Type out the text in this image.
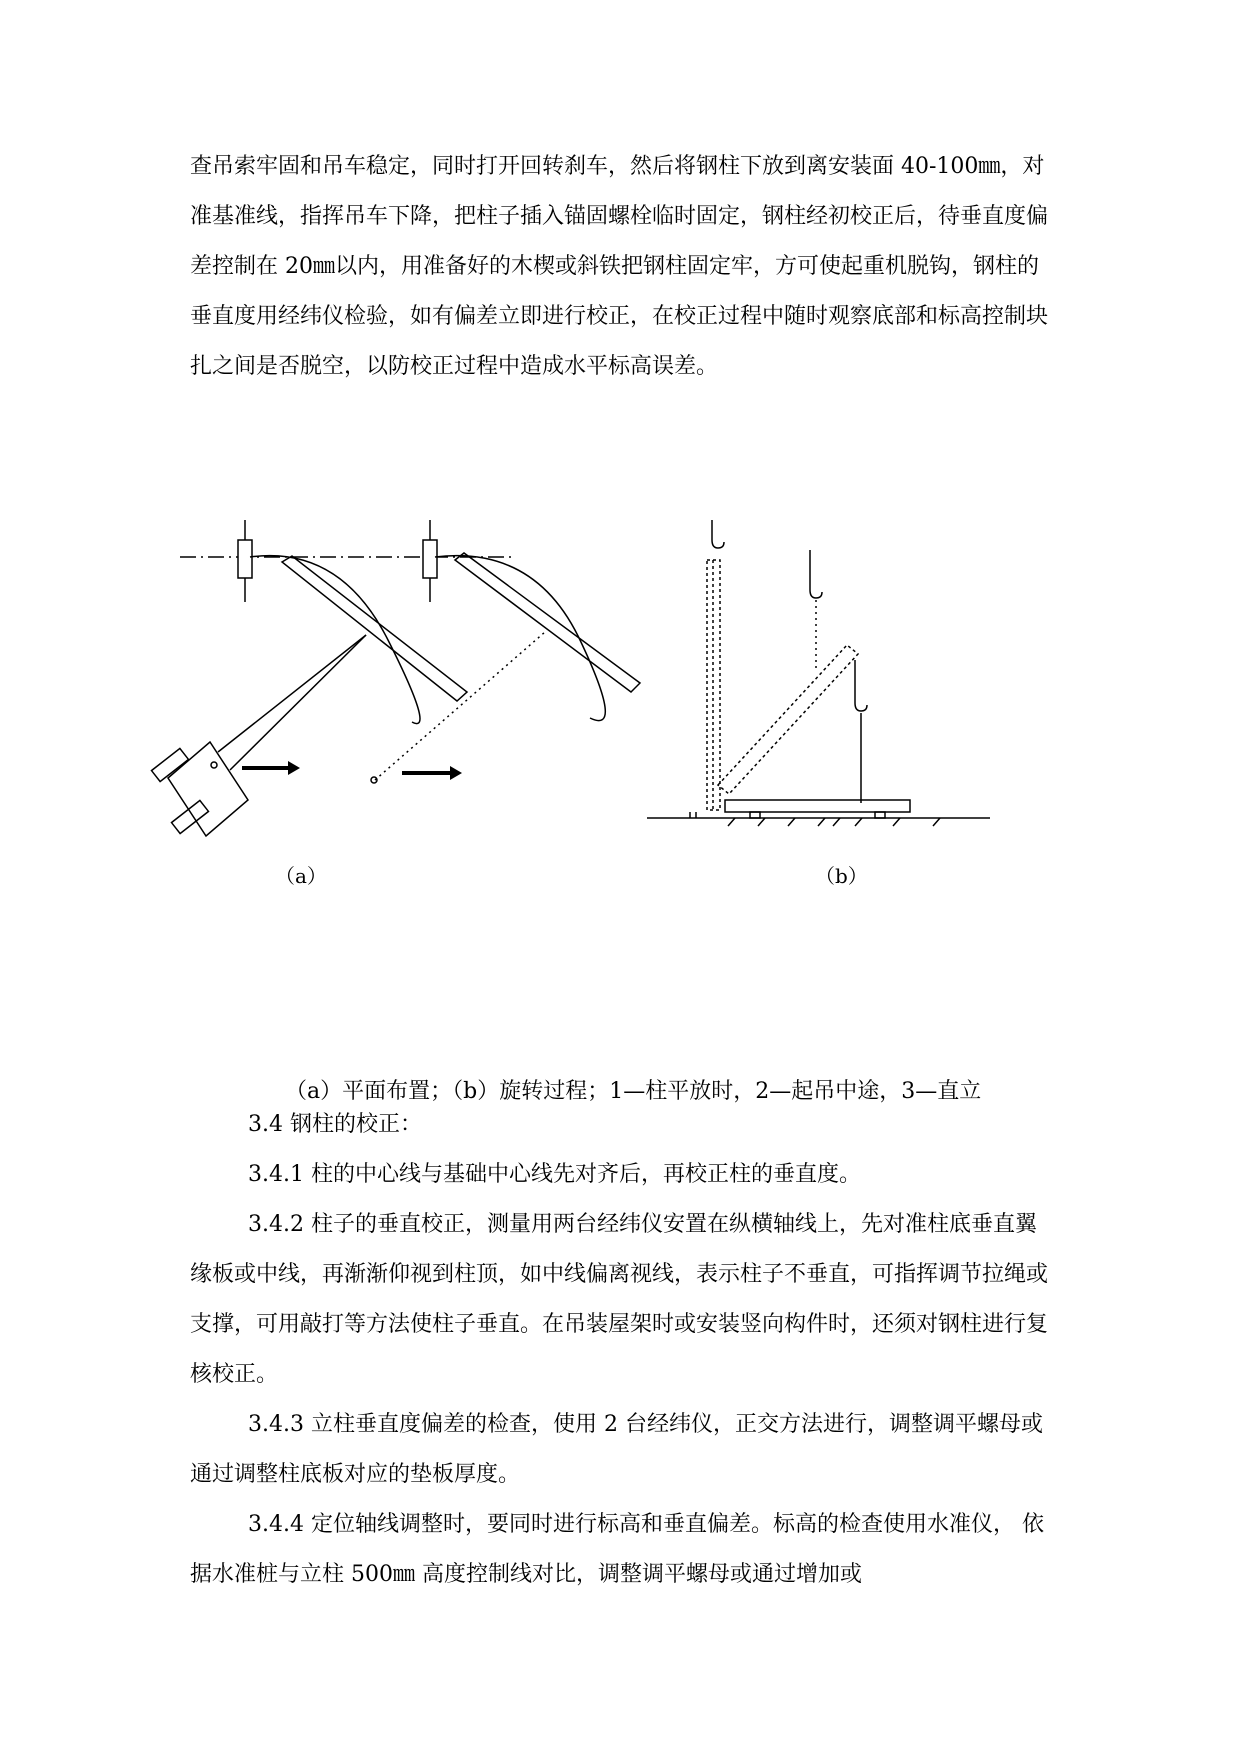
查吊索牢固和吊车稳定，同时打开回转刹车，然后将钢柱下放到离安装面 40-100㎜，对准基准线，指挥吊车下降，把柱子插入锚固螺栓临时固定，钢柱经初校正后，待垂直度偏差控制在 20㎜以内，用准备好的木楔或斜铁把钢柱固定牢，方可使起重机脱钩，钢柱的垂直度用经纬仪检验，如有偏差立即进行校正，在校正过程中随时观察底部和标高控制块扎之间是否脱空，以防校正过程中造成水平标高误差。

（a）	（b）

（a）平面布置；（b）旋转过程；1—柱平放时，2—起吊中途，3—直立

3.4 钢柱的校正：

3.4.1 柱的中心线与基础中心线先对齐后，再校正柱的垂直度。

3.4.2 柱子的垂直校正，测量用两台经纬仪安置在纵横轴线上，先对准柱底垂直翼缘板或中线，再渐渐仰视到柱顶，如中线偏离视线，表示柱子不垂直，可指挥调节拉绳或支撑，可用敲打等方法使柱子垂直。在吊装屋架时或安装竖向构件时，还须对钢柱进行复核校正。

3.4.3 立柱垂直度偏差的检查，使用 2 台经纬仪，正交方法进行，调整调平螺母或通过调整柱底板对应的垫板厚度。

3.4.4 定位轴线调整时，要同时进行标高和垂直偏差。标高的检查使用水准仪， 依据水准桩与立柱 500㎜ 高度控制线对比，调整调平螺母或通过增加或
